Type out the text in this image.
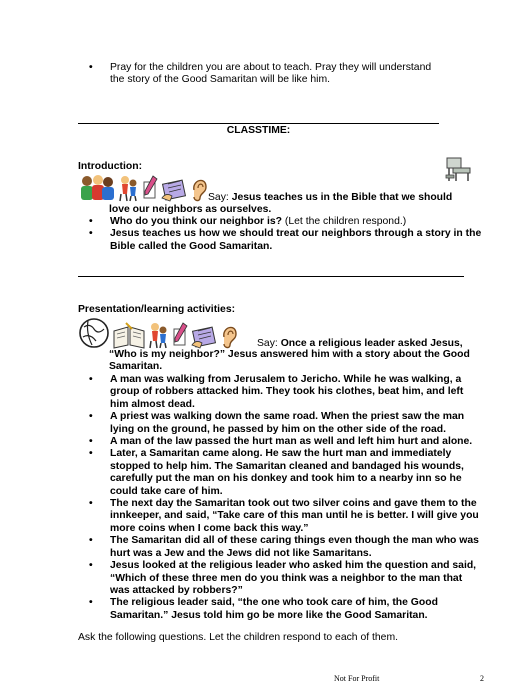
• Pray for the children you are about to teach. Pray they will understand
the story of the Good Samaritan will be like him.
CLASSTIME:
Introduction:
Say: Jesus teaches us in the Bible that we should
love our neighbors as ourselves.
• Who do you think our neighbor is? (Let the children respond.)
• Jesus teaches us how we should treat our neighbors through a story in the
Bible called the Good Samaritan.
Presentation/learning activities:
Say: Once a religious leader asked Jesus,
“Who is my neighbor?” Jesus answered him with a story about the Good
Samaritan.
• A man was walking from Jerusalem to Jericho. While he was walking, a
group of robbers attacked him. They took his clothes, beat him, and left
him almost dead.
• A priest was walking down the same road. When the priest saw the man
lying on the ground, he passed by him on the other side of the road.
• A man of the law passed the hurt man as well and left him hurt and alone.
• Later, a Samaritan came along. He saw the hurt man and immediately
stopped to help him. The Samaritan cleaned and bandaged his wounds,
carefully put the man on his donkey and took him to a nearby inn so he
could take care of him.
• The next day the Samaritan took out two silver coins and gave them to the
innkeeper, and said, “Take care of this man until he is better. I will give you
more coins when I come back this way.”
• The Samaritan did all of these caring things even though the man who was
hurt was a Jew and the Jews did not like Samaritans.
• Jesus looked at the religious leader who asked him the question and said,
“Which of these three men do you think was a neighbor to the man that
was attacked by robbers?”
• The religious leader said, “the one who took care of him, the Good
Samaritan.” Jesus told him go be more like the Good Samaritan.
Ask the following questions. Let the children respond to each of them.
Not For Profit	2
